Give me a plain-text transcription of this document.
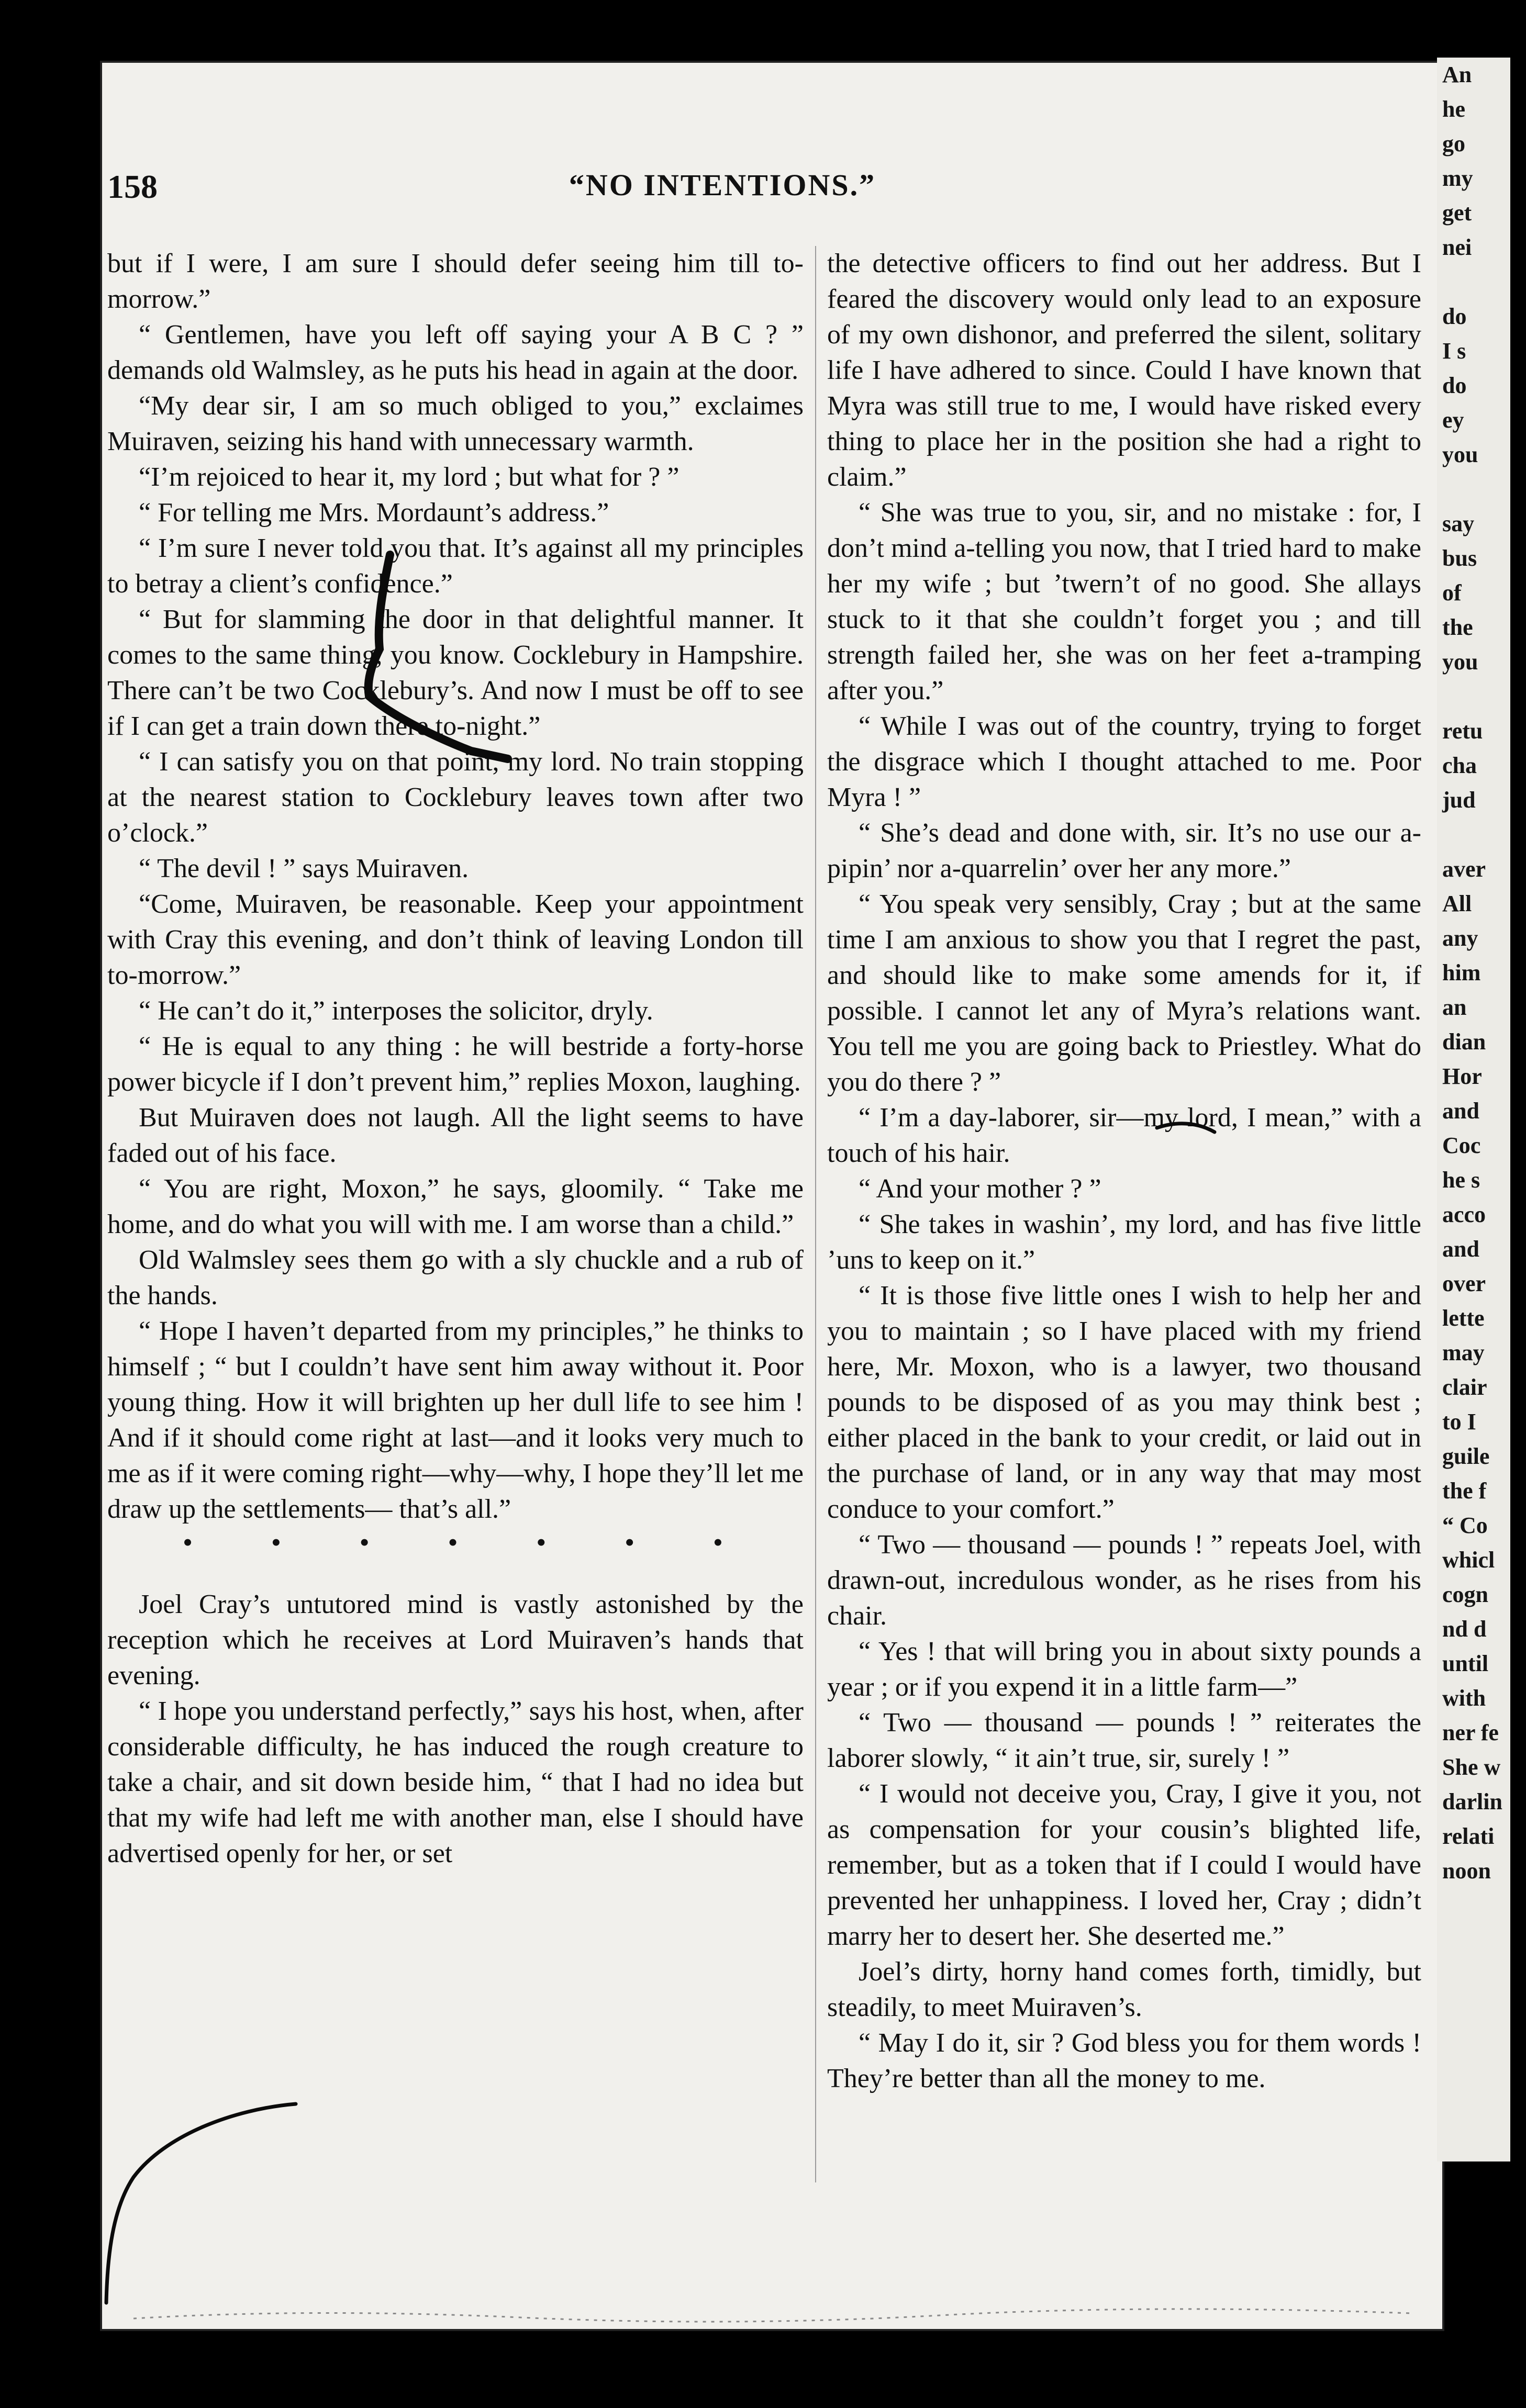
An
he
go
my
get
nei
do
I s
do
ey
you
say
bus
of
the
you
retu
cha
jud
aver
All
any
him
an
dian
Hor
and
Coc
he s
acco
and
over
lette
may
clair
to I
guile
the f
“ Co
whicl
cogn
nd d
until
with
ner fe
She w
darlin
relati
noon
158	“NO INTENTIONS.”

but if I were, I am sure I should defer seeing him till to-morrow.”

“ Gentlemen, have you left off saying your A B C ? ” demands old Walmsley, as he puts his head in again at the door.

“My dear sir, I am so much obliged to you,” exclaimes Muiraven, seizing his hand with unnecessary warmth.

“I’m rejoiced to hear it, my lord ; but what for ? ”

“ For telling me Mrs. Mordaunt’s address.”

“ I’m sure I never told you that. It’s against all my principles to betray a client’s confidence.”

“ But for slamming the door in that delightful manner. It comes to the same thing, you know. Cocklebury in Hampshire. There can’t be two Cocklebury’s. And now I must be off to see if I can get a train down there to-night.”

“ I can satisfy you on that point, my lord. No train stopping at the nearest station to Cocklebury leaves town after two o’clock.”

“ The devil ! ” says Muiraven.

“Come, Muiraven, be reasonable. Keep your appointment with Cray this evening, and don’t think of leaving London till to-morrow.”

“ He can’t do it,” interposes the solicitor, dryly.

“ He is equal to any thing : he will bestride a forty-horse power bicycle if I don’t prevent him,” replies Moxon, laughing.

But Muiraven does not laugh. All the light seems to have faded out of his face.

“ You are right, Moxon,” he says, gloomily. “ Take me home, and do what you will with me. I am worse than a child.”

Old Walmsley sees them go with a sly chuckle and a rub of the hands.

“ Hope I haven’t departed from my principles,” he thinks to himself ; “ but I couldn’t have sent him away without it. Poor young thing. How it will brighten up her dull life to see him ! And if it should come right at last—and it looks very much to me as if it were coming right—why—why, I hope they’ll let me draw up the settlements— that’s all.”

• • • • • • •

Joel Cray’s untutored mind is vastly astonished by the reception which he receives at Lord Muiraven’s hands that evening.

“ I hope you understand perfectly,” says his host, when, after considerable difficulty, he has induced the rough creature to take a chair, and sit down beside him, “ that I had no idea but that my wife had left me with another man, else I should have advertised openly for her, or set

the detective officers to find out her address. But I feared the discovery would only lead to an exposure of my own dishonor, and preferred the silent, solitary life I have adhered to since. Could I have known that Myra was still true to me, I would have risked every thing to place her in the position she had a right to claim.”

“ She was true to you, sir, and no mistake : for, I don’t mind a-telling you now, that I tried hard to make her my wife ; but ’twern’t of no good. She allays stuck to it that she couldn’t forget you ; and till strength failed her, she was on her feet a-tramping after you.”

“ While I was out of the country, trying to forget the disgrace which I thought attached to me. Poor Myra ! ”

“ She’s dead and done with, sir. It’s no use our a-pipin’ nor a-quarrelin’ over her any more.”

“ You speak very sensibly, Cray ; but at the same time I am anxious to show you that I regret the past, and should like to make some amends for it, if possible. I cannot let any of Myra’s relations want. You tell me you are going back to Priestley. What do you do there ? ”

“ I’m a day-laborer, sir—my lord, I mean,” with a touch of his hair.

“ And your mother ? ”

“ She takes in washin’, my lord, and has five little ’uns to keep on it.”

“ It is those five little ones I wish to help her and you to maintain ; so I have placed with my friend here, Mr. Moxon, who is a lawyer, two thousand pounds to be disposed of as you may think best ; either placed in the bank to your credit, or laid out in the purchase of land, or in any way that may most conduce to your comfort.”

“ Two — thousand — pounds ! ” repeats Joel, with drawn-out, incredulous wonder, as he rises from his chair.

“ Yes ! that will bring you in about sixty pounds a year ; or if you expend it in a little farm—”

“ Two — thousand — pounds ! ” reiterates the laborer slowly, “ it ain’t true, sir, surely ! ”

“ I would not deceive you, Cray, I give it you, not as compensation for your cousin’s blighted life, remember, but as a token that if I could I would have prevented her unhappiness. I loved her, Cray ; didn’t marry her to desert her. She deserted me.”

Joel’s dirty, horny hand comes forth, timidly, but steadily, to meet Muiraven’s.

“ May I do it, sir ? God bless you for them words ! They’re better than all the money to me.
